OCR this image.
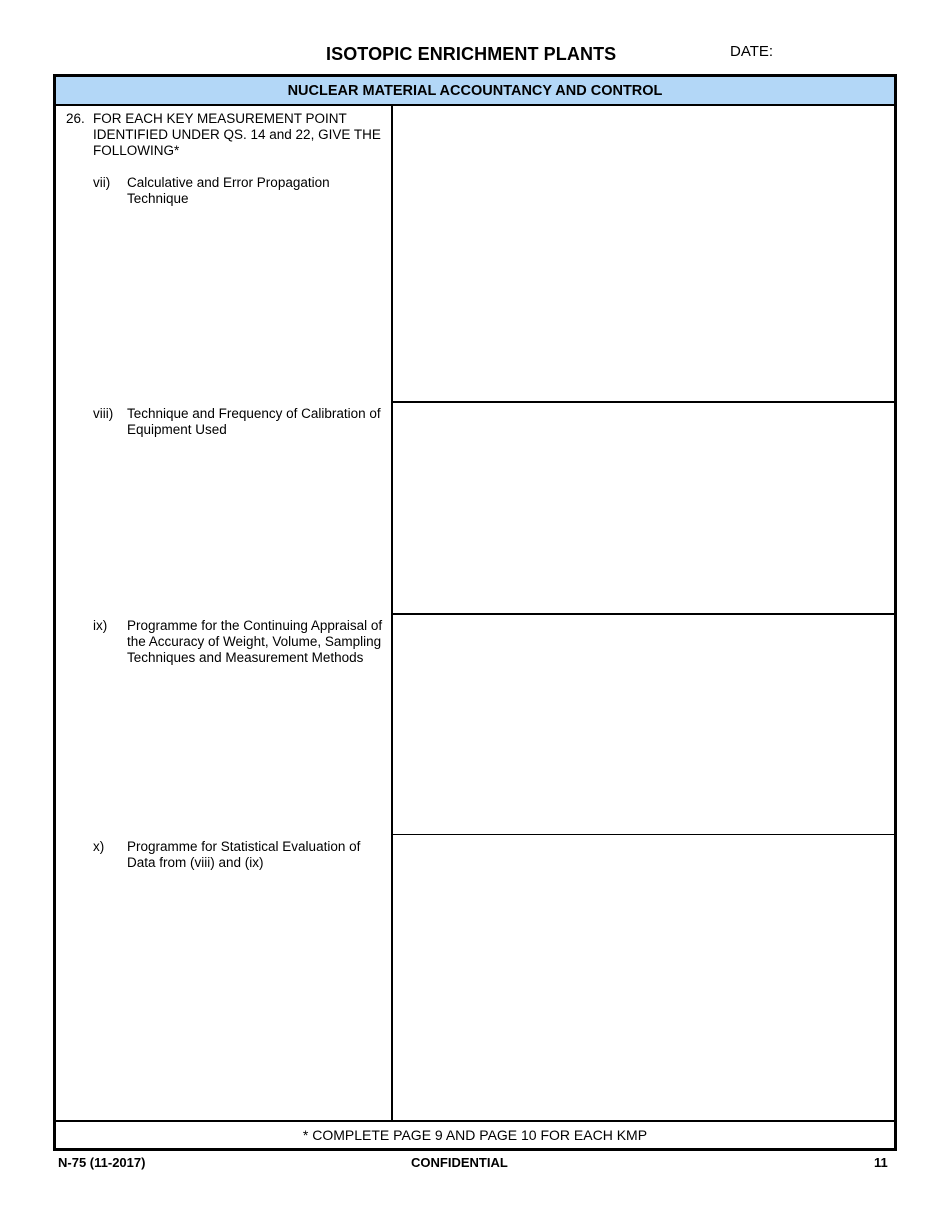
ISOTOPIC ENRICHMENT PLANTS	DATE:
NUCLEAR MATERIAL ACCOUNTANCY AND CONTROL
26. FOR EACH KEY MEASUREMENT POINT IDENTIFIED UNDER QS. 14 and 22, GIVE THE FOLLOWING*
vii) Calculative and Error Propagation Technique
viii) Technique and Frequency of Calibration of Equipment Used
ix) Programme for the Continuing Appraisal of the Accuracy of Weight, Volume, Sampling Techniques and Measurement Methods
x) Programme for Statistical Evaluation of Data from (viii) and (ix)
* COMPLETE PAGE 9 AND PAGE 10 FOR EACH KMP
N-75 (11-2017)	CONFIDENTIAL	11
